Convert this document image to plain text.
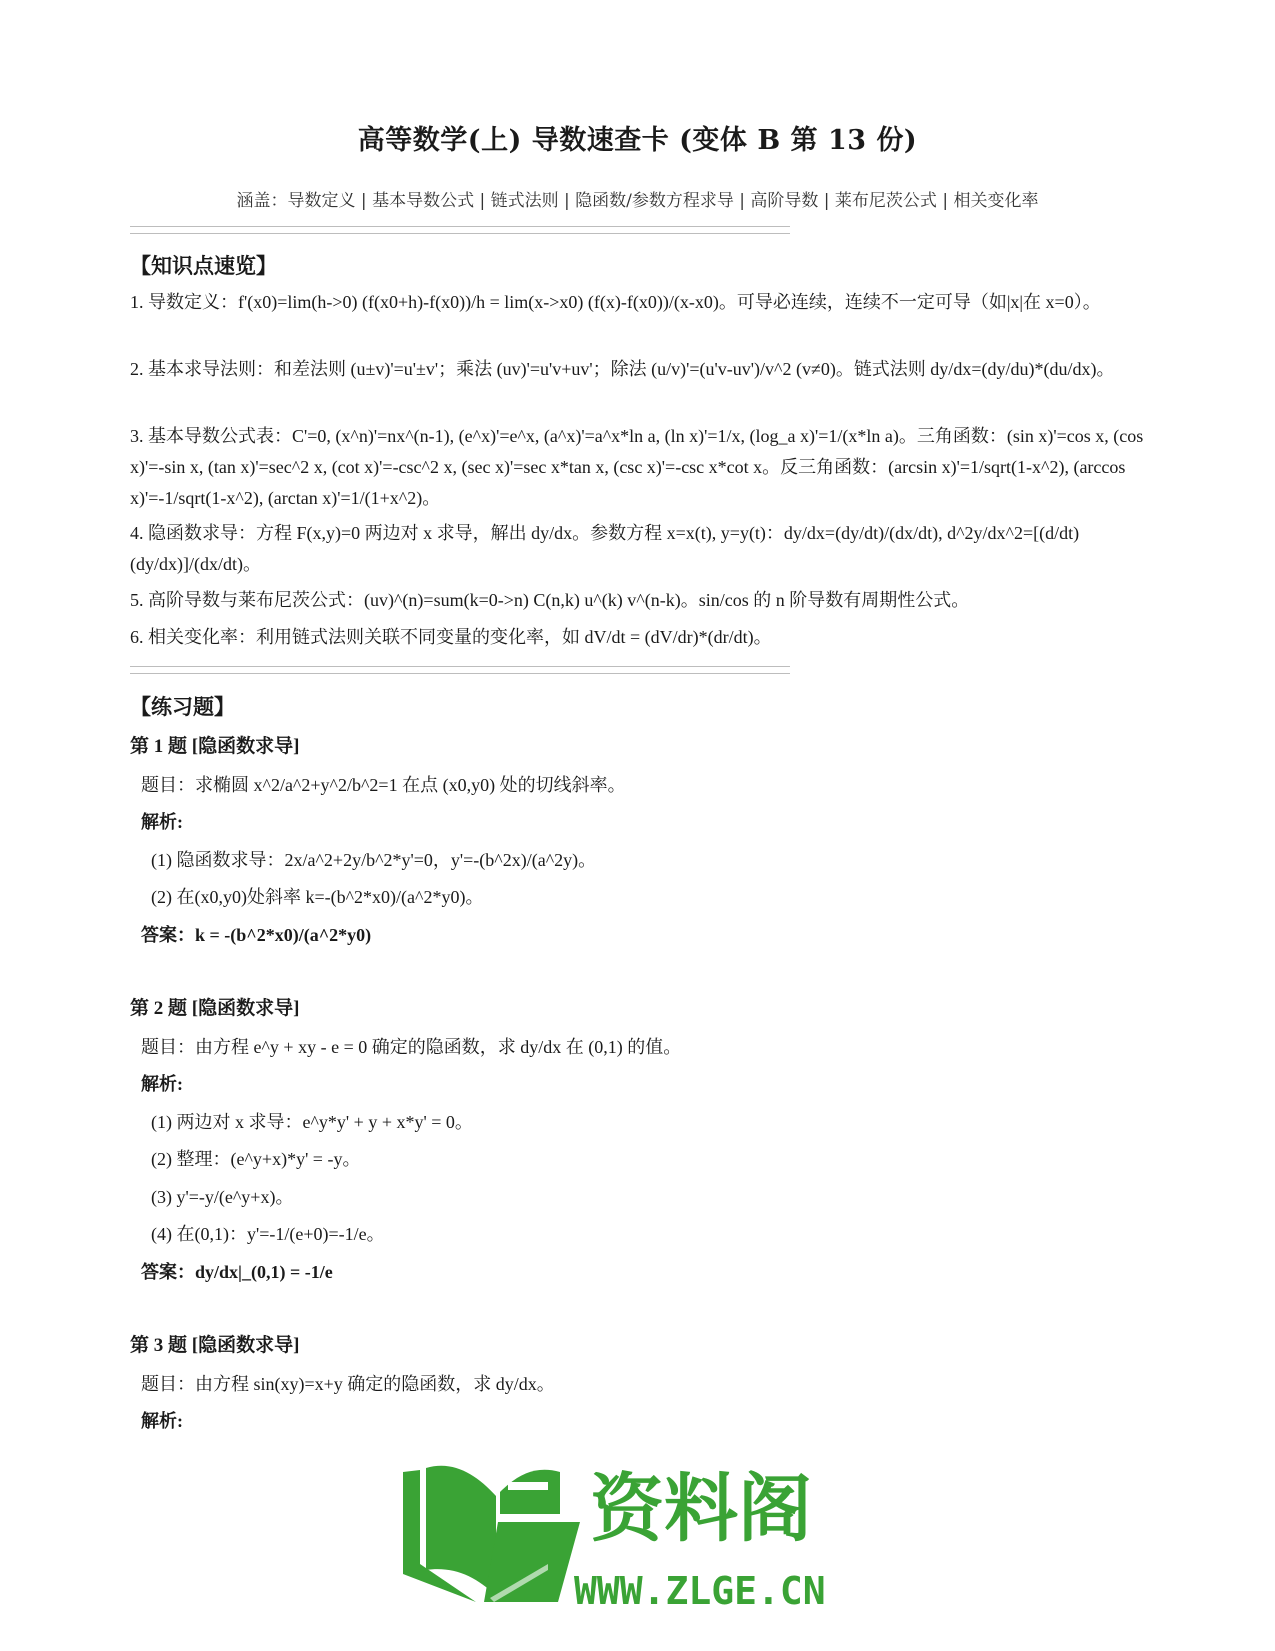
高等数学(上) 导数速查卡 (变体 B 第 13 份)
涵盖：导数定义 | 基本导数公式 | 链式法则 | 隐函数/参数方程求导 | 高阶导数 | 莱布尼茨公式 | 相关变化率
【知识点速览】
1. 导数定义：f'(x0)=lim(h->0) (f(x0+h)-f(x0))/h = lim(x->x0) (f(x)-f(x0))/(x-x0)。可导必连续，连续不一定可导（如|x|在 x=0）。
2. 基本求导法则：和差法则 (u±v)'=u'±v'；乘法 (uv)'=u'v+uv'；除法 (u/v)'=(u'v-uv')/v^2 (v≠0)。链式法则 dy/dx=(dy/du)*(du/dx)。
3. 基本导数公式表：C'=0, (x^n)'=nx^(n-1), (e^x)'=e^x, (a^x)'=a^x*ln a, (ln x)'=1/x, (log_a x)'=1/(x*ln a)。三角函数：(sin x)'=cos x, (cos x)'=-sin x, (tan x)'=sec^2 x, (cot x)'=-csc^2 x, (sec x)'=sec x*tan x, (csc x)'=-csc x*cot x。反三角函数：(arcsin x)'=1/sqrt(1-x^2), (arccos x)'=-1/sqrt(1-x^2), (arctan x)'=1/(1+x^2)。
4. 隐函数求导：方程 F(x,y)=0 两边对 x 求导，解出 dy/dx。参数方程 x=x(t), y=y(t)：dy/dx=(dy/dt)/(dx/dt), d^2y/dx^2=[(d/dt)(dy/dx)]/(dx/dt)。
5. 高阶导数与莱布尼茨公式：(uv)^(n)=sum(k=0->n) C(n,k) u^(k) v^(n-k)。sin/cos 的 n 阶导数有周期性公式。
6. 相关变化率：利用链式法则关联不同变量的变化率，如 dV/dt = (dV/dr)*(dr/dt)。
【练习题】
第 1 题 [隐函数求导]
题目：求椭圆 x^2/a^2+y^2/b^2=1 在点 (x0,y0) 处的切线斜率。
解析:
(1) 隐函数求导：2x/a^2+2y/b^2*y'=0，y'=-(b^2x)/(a^2y)。
(2) 在(x0,y0)处斜率 k=-(b^2*x0)/(a^2*y0)。
答案：k = -(b^2*x0)/(a^2*y0)
第 2 题 [隐函数求导]
题目：由方程 e^y + xy - e = 0 确定的隐函数，求 dy/dx 在 (0,1) 的值。
解析:
(1) 两边对 x 求导：e^y*y' + y + x*y' = 0。
(2) 整理：(e^y+x)*y' = -y。
(3) y'=-y/(e^y+x)。
(4) 在(0,1)：y'=-1/(e+0)=-1/e。
答案：dy/dx|_(0,1) = -1/e
第 3 题 [隐函数求导]
题目：由方程 sin(xy)=x+y 确定的隐函数，求 dy/dx。
解析:
资料阁
WWW.ZLGE.CN
